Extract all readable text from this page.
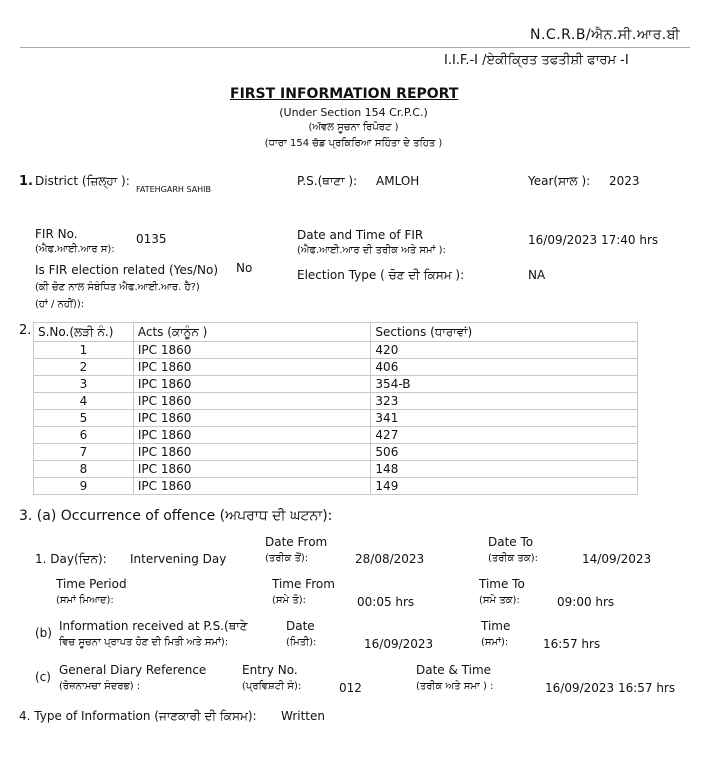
N.C.R.B/ਐਨ.ਸੀ.ਆਰ.ਬੀ
I.I.F.-I /ਏਕੀਕ੍ਰਿਤ ਤਫਤੀਸ਼ੀ ਫਾਰਮ -I
FIRST INFORMATION REPORT
(Under Section 154 Cr.P.C.)
(ਅੱਵਲ ਸੂਚਨਾ ਰਿਪੋਰਟ )
(ਧਾਰਾ 154 ਚੱਡ ਪ੍ਰਕਿਰਿਆ ਸਹਿੰਤਾ ਦੇ ਤਹਿਤ )
1. District (ਜ਼ਿਲ੍ਹਾ ):
FATEHGARH SAHIB
P.S.(ਥਾਣਾ ): AMLOH	Year(ਸਾਲ ): 2023
FIR No.
(ਐਫ.ਆਈ.ਆਰ ਸ):
0135	Date and Time of FIR
(ਐਫ.ਆਈ.ਆਰ ਦੀ ਤਰੀਕ ਅਤੇ ਸਮਾਂ ):
16/09/2023 17:40 hrs
Is FIR election related (Yes/No) No
(ਕੀ ਚੋਣ ਨਾਲ ਸੰਬੰਧਿਤ ਐਫ.ਆਈ.ਆਰ. ਹੈ?)
(ਹਾਂ / ਨਹੀਂ)):
Election Type ( ਚੋਣ ਦੀ ਕਿਸਮ ):	NA
2. S.No.(ਲੜੀ ਨੰ.)	Acts (ਕਾਨੂੰਨ )	Sections (ਧਾਰਾਵਾਂ)
1	IPC 1860	420
2	IPC 1860	406
3	IPC 1860	354-B
4	IPC 1860	323
5	IPC 1860	341
6	IPC 1860	427
7	IPC 1860	506
8	IPC 1860	148
9	IPC 1860	149
3. (a) Occurrence of offence (ਅਪਰਾਧ ਦੀ ਘਟਨਾ):
Date From	Date To
1. Day(ਦਿਨ): Intervening Day	(ਤਰੀਕ ਤੋਂ):	28/08/2023	(ਤਰੀਕ ਤਕ):	14/09/2023
Time Period
(ਸਮਾਂ ਮਿਆਦ):
Time From
(ਸਮੇ ਤੋ):	00:05 hrs
Time To
(ਸਮੇ ਤਕ):	09:00 hrs
(b) Information received at P.S.(ਥਾਣੇ
ਵਿਚ ਸੂਚਨਾ ਪ੍ਰਾਪਤ ਹੋਣ ਦੀ ਮਿਤੀ ਅਤੇ ਸਮਾਂ):
Date
(ਮਿਤੀ):	16/09/2023
Time
(ਸਮਾਂ):	16:57 hrs
(c) General Diary Reference
(ਰੋਜ਼ਨਾਮਚਾ ਸੰਦਰਭ) :
Entry No.
(ਪ੍ਰਵਿਸ਼ਟੀ ਸੰ):	012
Date & Time
(ਤਰੀਕ ਅਤੇ ਸਮਾ ) :	16/09/2023 16:57 hrs
4. Type of Information (ਜਾਣਕਾਰੀ ਦੀ ਕਿਸਮ): Written
